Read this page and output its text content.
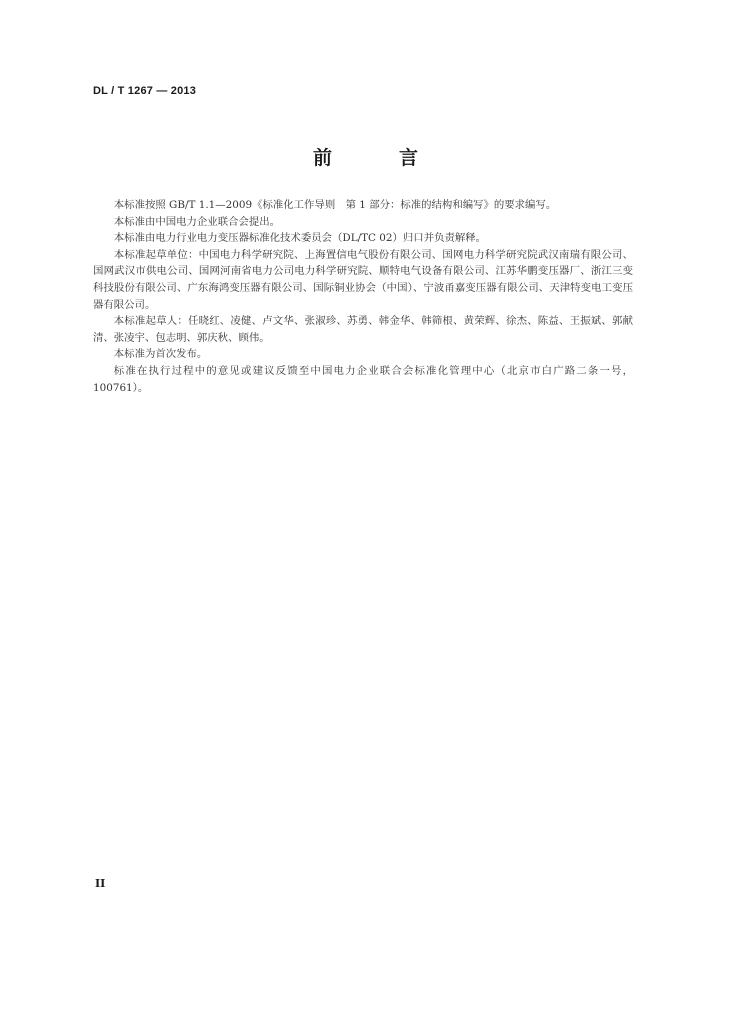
DL / T 1267 — 2013
前　言

本标准按照 GB/T 1.1—2009《标准化工作导则　第 1 部分：标准的结构和编写》的要求编写。

本标准由中国电力企业联合会提出。

本标准由电力行业电力变压器标准化技术委员会（DL/TC 02）归口并负责解释。

本标准起草单位：中国电力科学研究院、上海置信电气股份有限公司、国网电力科学研究院武汉南瑞有限公司、国网武汉市供电公司、国网河南省电力公司电力科学研究院、顺特电气设备有限公司、江苏华鹏变压器厂、浙江三变科技股份有限公司、广东海鸿变压器有限公司、国际铜业协会（中国）、宁波甬嘉变压器有限公司、天津特变电工变压器有限公司。

本标准起草人：任晓红、凌健、卢文华、张淑珍、苏勇、韩金华、韩筛根、黄荣辉、徐杰、陈益、王振斌、郭献清、张凌宇、包志明、郭庆秋、顾伟。

本标准为首次发布。

标准在执行过程中的意见或建议反馈至中国电力企业联合会标准化管理中心（北京市白广路二条一号，100761）。

II
